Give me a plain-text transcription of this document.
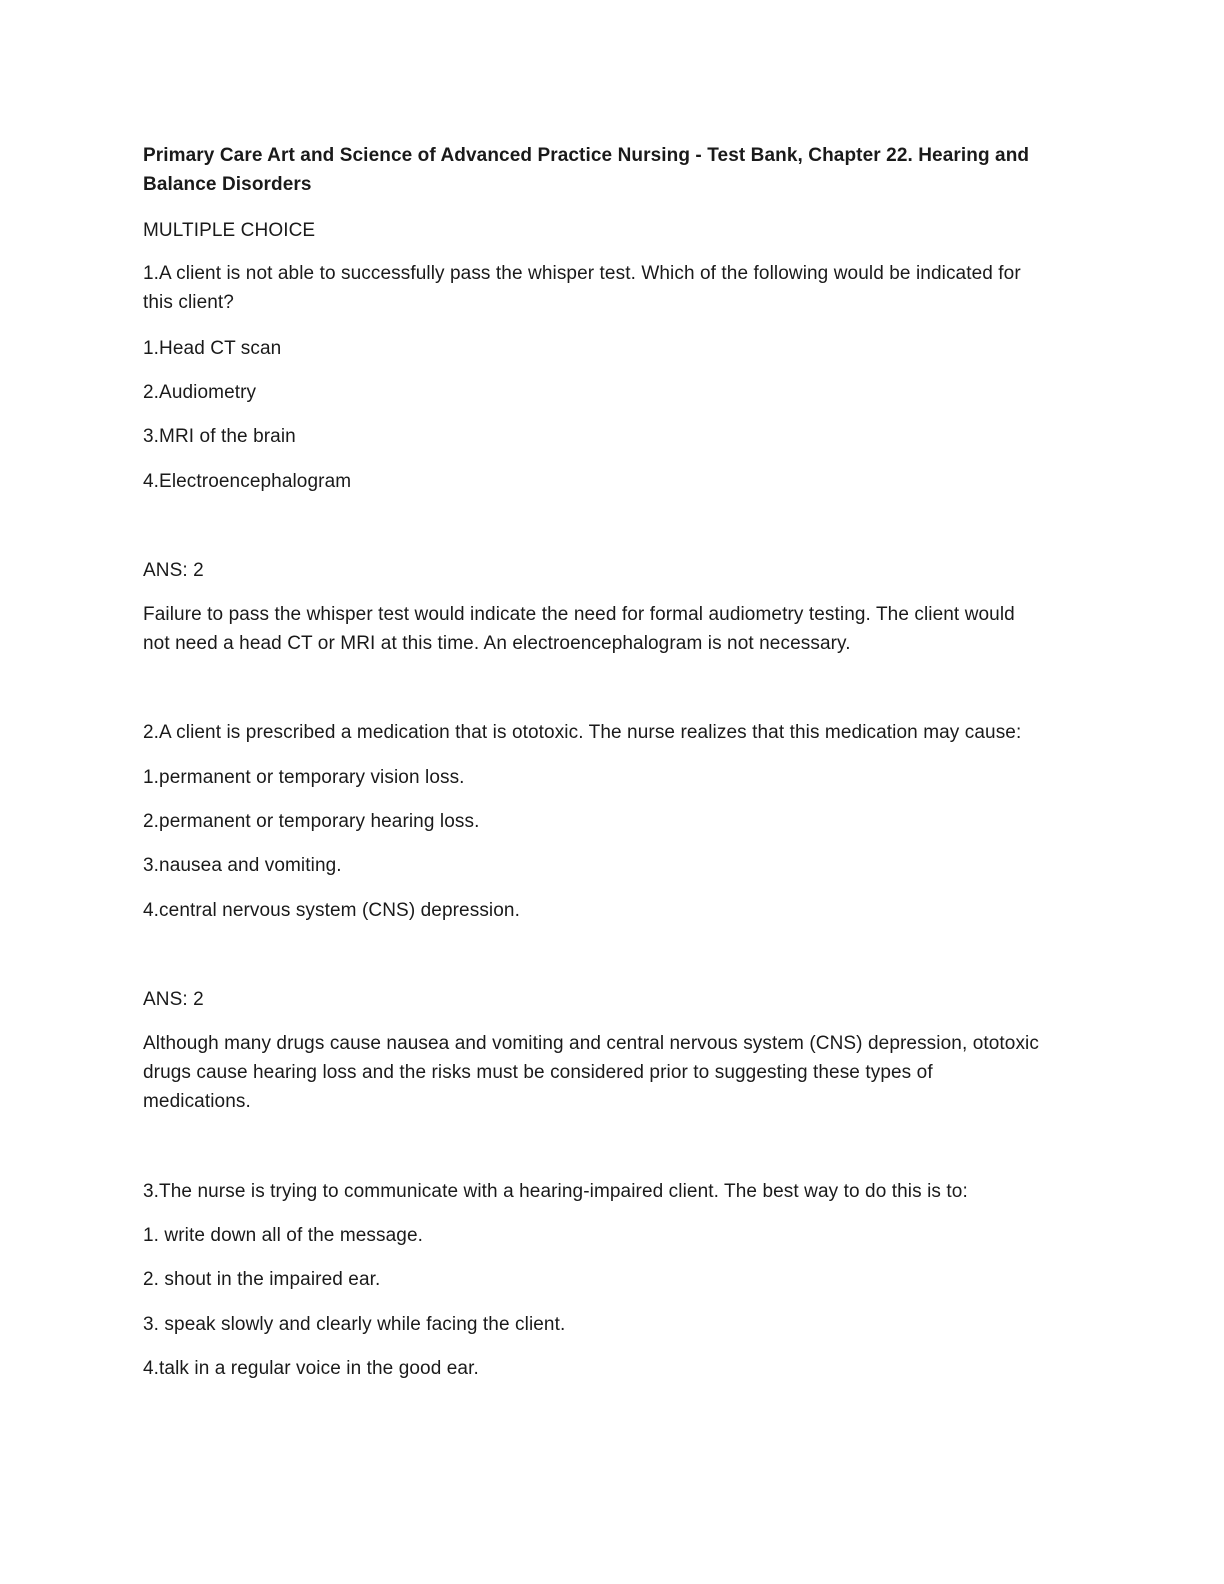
Primary Care Art and Science of Advanced Practice Nursing - Test Bank, Chapter 22. Hearing and

Balance Disorders

MULTIPLE CHOICE

1.A client is not able to successfully pass the whisper test. Which of the following would be indicated for

this client?

1.Head CT scan

2.Audiometry

3.MRI of the brain

4.Electroencephalogram

ANS: 2

Failure to pass the whisper test would indicate the need for formal audiometry testing. The client would

not need a head CT or MRI at this time. An electroencephalogram is not necessary.

2.A client is prescribed a medication that is ototoxic. The nurse realizes that this medication may cause:

1.permanent or temporary vision loss.

2.permanent or temporary hearing loss.

3.nausea and vomiting.

4.central nervous system (CNS) depression.

ANS: 2

Although many drugs cause nausea and vomiting and central nervous system (CNS) depression, ototoxic

drugs cause hearing loss and the risks must be considered prior to suggesting these types of

medications.

3.The nurse is trying to communicate with a hearing-impaired client. The best way to do this is to:

1. write down all of the message.

2. shout in the impaired ear.

3. speak slowly and clearly while facing the client.

4.talk in a regular voice in the good ear.
